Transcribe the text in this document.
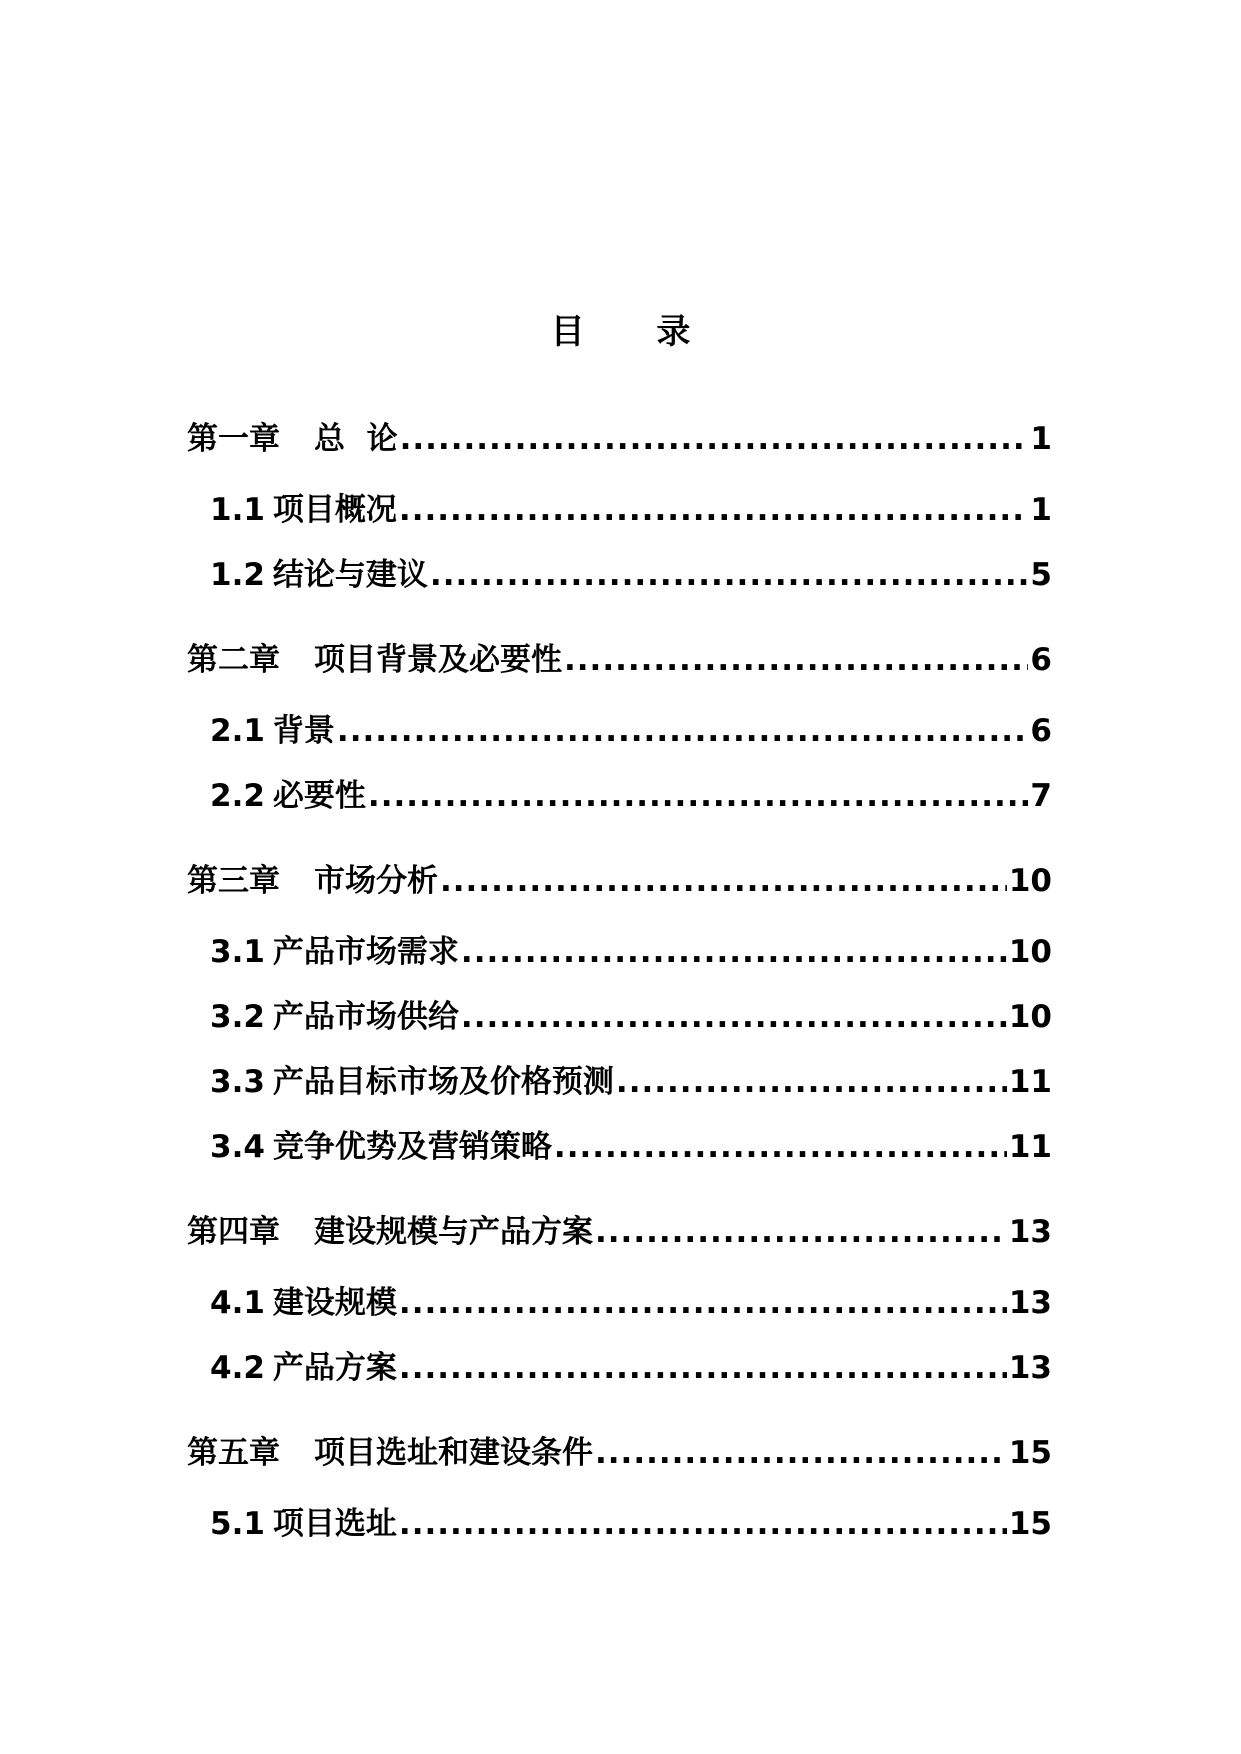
目 录
第一章 总  论 .....	1
1.1 项目概况 .....	1
1.2 结论与建议 .....	5
第二章 项目背景及必要性 .....	6
2.1 背景 .....	6
2.2 必要性 .....	7
第三章 市场分析 .....	10
3.1 产品市场需求 .....	10
3.2 产品市场供给 .....	10
3.3 产品目标市场及价格预测 .....	11
3.4 竞争优势及营销策略 .....	11
第四章 建设规模与产品方案 .....	13
4.1 建设规模 .....	13
4.2 产品方案 .....	13
第五章 项目选址和建设条件 .....	15
5.1 项目选址 .....	15
